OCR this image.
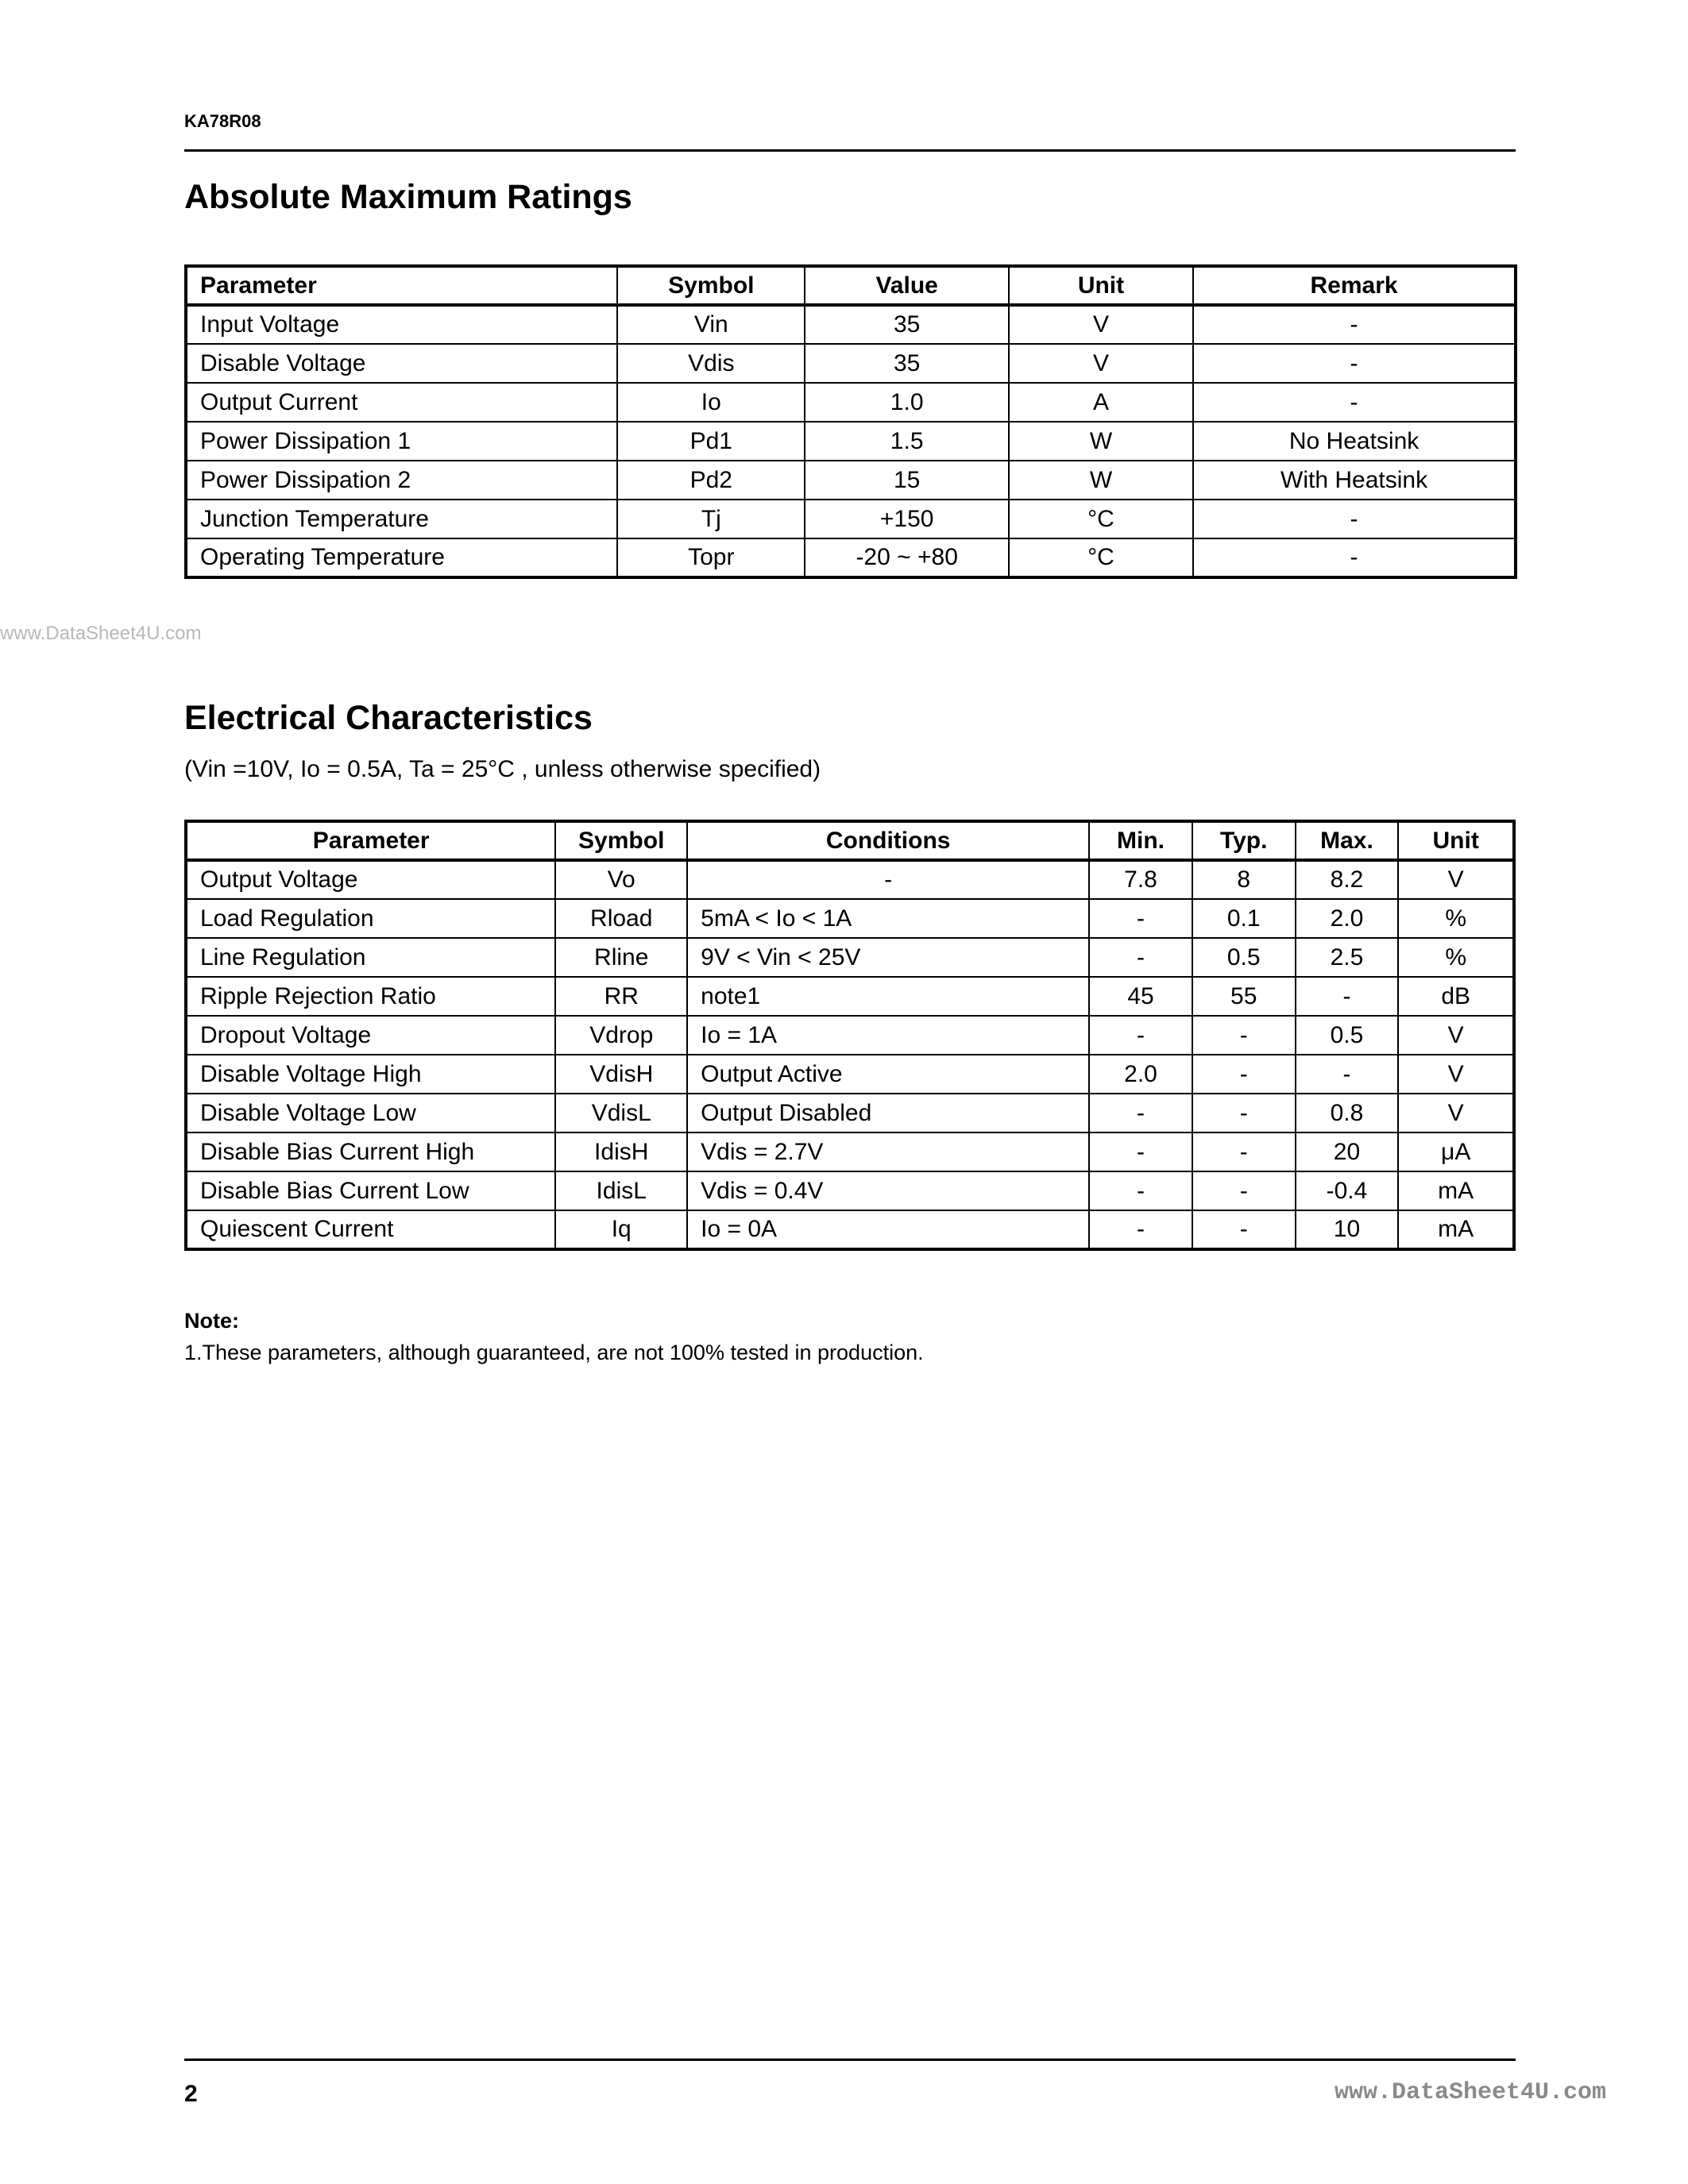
KA78R08
Absolute Maximum Ratings
Parameter	Symbol	Value	Unit	Remark
Input Voltage	Vin	35	V	-
Disable Voltage	Vdis	35	V	-
Output Current	Io	1.0	A	-
Power Dissipation 1	Pd1	1.5	W	No Heatsink
Power Dissipation 2	Pd2	15	W	With Heatsink
Junction Temperature	Tj	+150	°C	-
Operating Temperature	Topr	-20 ~ +80	°C	-
www.DataSheet4U.com
Electrical Characteristics
(Vin =10V, Io = 0.5A, Ta = 25°C , unless otherwise specified)
Parameter	Symbol	Conditions	Min.	Typ.	Max.	Unit
Output Voltage	Vo	-	7.8	8	8.2	V
Load Regulation	Rload	5mA < Io < 1A	-	0.1	2.0	%
Line Regulation	Rline	9V < Vin < 25V	-	0.5	2.5	%
Ripple Rejection Ratio	RR	note1	45	55	-	dB
Dropout Voltage	Vdrop	Io = 1A	-	-	0.5	V
Disable Voltage High	VdisH	Output Active	2.0	-	-	V
Disable Voltage Low	VdisL	Output Disabled	-	-	0.8	V
Disable Bias Current High	IdisH	Vdis = 2.7V	-	-	20	μA
Disable Bias Current Low	IdisL	Vdis = 0.4V	-	-	-0.4	mA
Quiescent Current	Iq	Io = 0A	-	-	10	mA
Note:
1.These parameters, although guaranteed, are not 100% tested in production.
2	www.DataSheet4U.com
